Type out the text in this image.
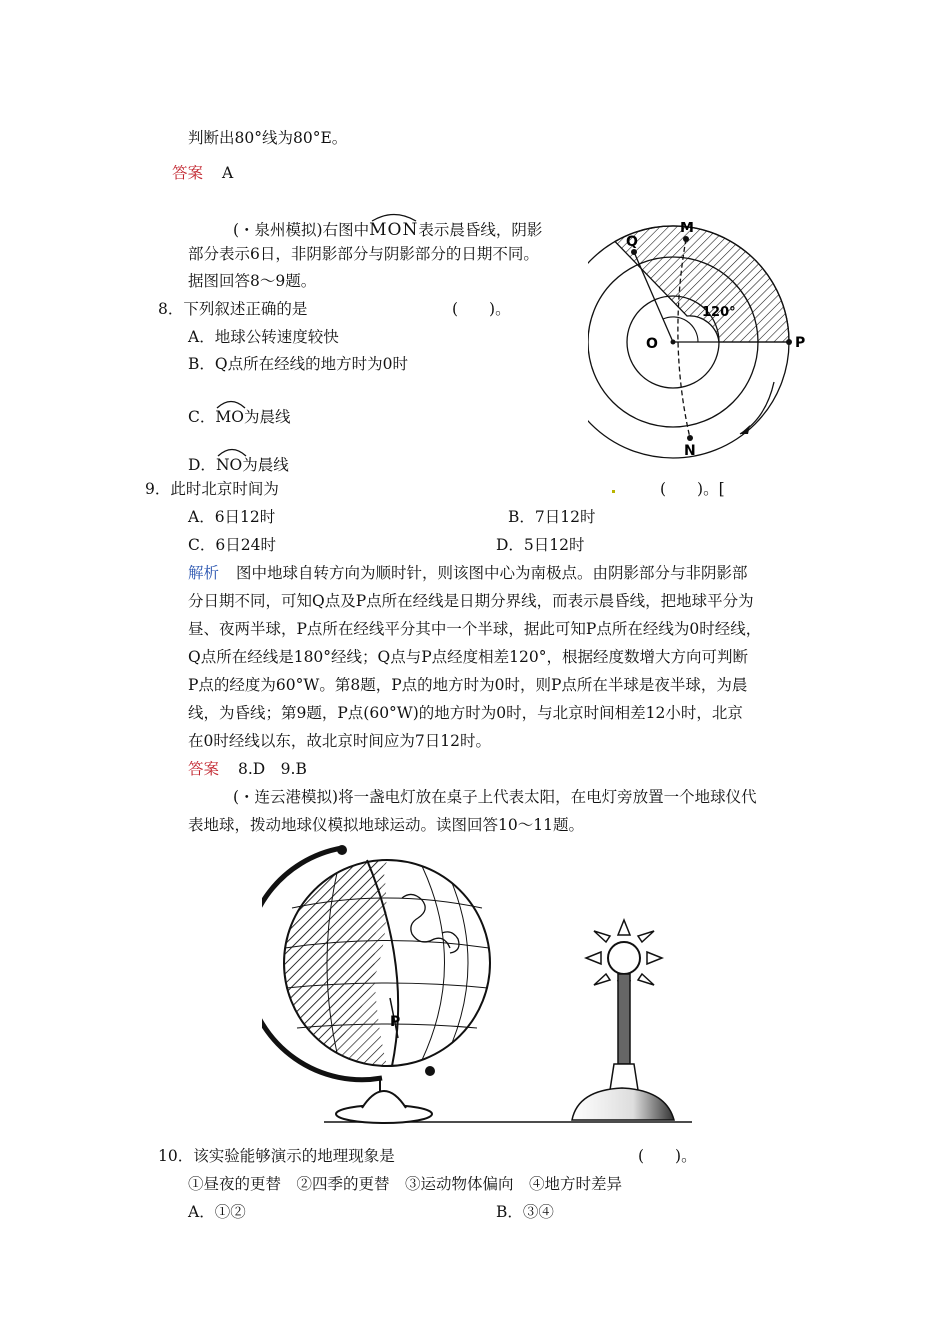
判断出80°线为80°E。
答案 A
(・泉州模拟)右图中
MON表示晨昏线，阴影
部分表示6日，非阴影部分与阴影部分的日期不同。
据图回答8～9题。
8．下列叙述正确的是	(　　)。
A．地球公转速度较快
B．Q点所在经线的地方时为0时
C．
MO为晨线
D．
NO为晨线
9．此时北京时间为	(　　)。[
A．6日12时	B．7日12时
C．6日24时	D．5日12时
解析 图中地球自转方向为顺时针，则该图中心为南极点。由阴影部分与非阴影部
分日期不同，可知Q点及P点所在经线是日期分界线，而表示晨昏线，把地球平分为
昼、夜两半球，P点所在经线平分其中一个半球，据此可知P点所在经线为0时经线，
Q点所在经线是180°经线；Q点与P点经度相差120°，根据经度数增大方向可判断
P点的经度为60°W。第8题，P点的地方时为0时，则P点所在半球是夜半球，为晨
线，为昏线；第9题，P点(60°W)的地方时为0时，与北京时间相差12小时，北京
在0时经线以东，故北京时间应为7日12时。
答案 8.D　9.B
(・连云港模拟)将一盏电灯放在桌子上代表太阳，在电灯旁放置一个地球仪代
表地球，拨动地球仪模拟地球运动。读图回答10～11题。
10．该实验能够演示的地理现象是	(　　)。
①昼夜的更替　②四季的更替　③运动物体偏向　④地方时差异
A．①②	B．③④
Q
M
O	P
N
120°
P
